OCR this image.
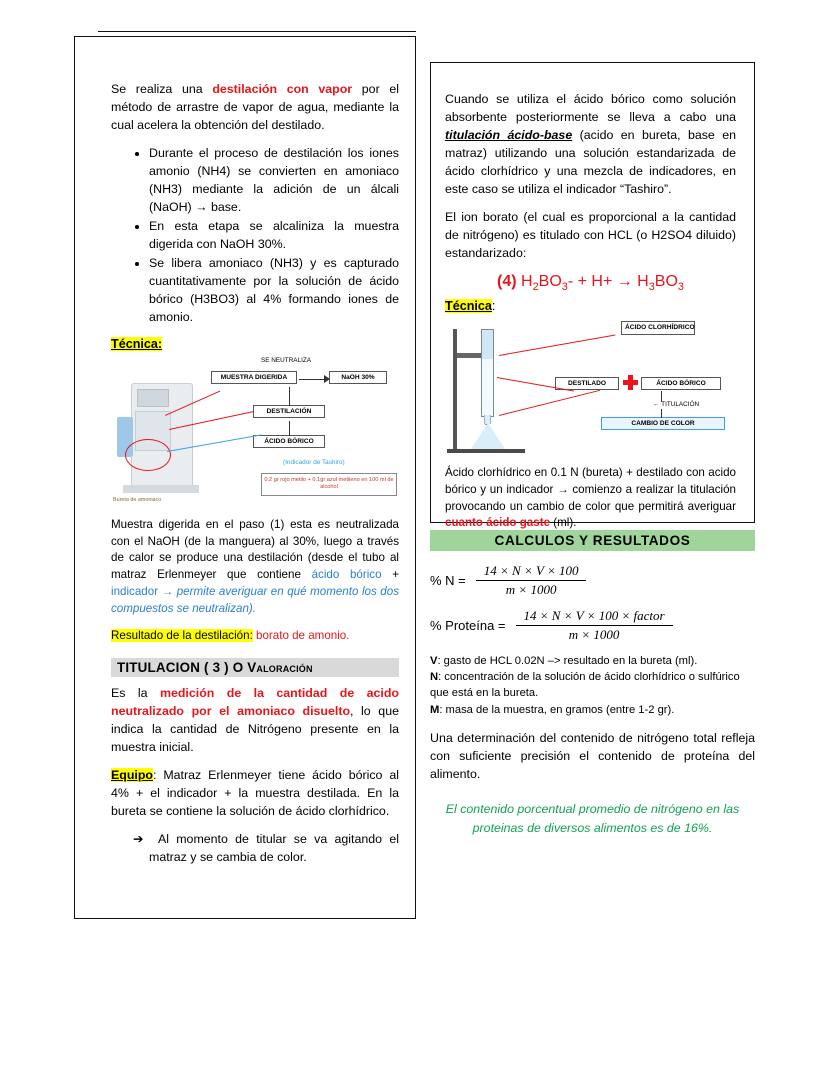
Se realiza una destilación con vapor por el método de arrastre de vapor de agua, mediante la cual acelera la obtención del destilado.

• Durante el proceso de destilación los iones amonio (NH4) se convierten en amoniaco (NH3) mediante la adición de un álcali (NaOH) → base.
• En esta etapa se alcaliniza la muestra digerida con NaOH 30%.
• Se libera amoniaco (NH3) y es capturado cuantitativamente por la solución de ácido bórico (H3BO3) al 4% formando iones de amonio.
Técnica:
SE NEUTRALIZA
MUESTRA DIGERIDA	NaOH 30%
DESTILACIÓN
ÁCIDO BÓRICO
(Indicador de Tashiro)
0.2 gr rojo metilo + 0.1gr azul metileno en 100 ml de alcohol
Bureta de amoniaco

Muestra digerida en el paso (1) esta es neutralizada con el NaOH (de la manguera) al 30%, luego a través de calor se produce una destilación (desde el tubo al matraz Erlenmeyer que contiene ácido bórico + indicador → permite averiguar en qué momento los dos compuestos se neutralizan).

Resultado de la destilación: borato de amonio.

TITULACION ( 3 ) O Valoración

Es la medición de la cantidad de acido neutralizado por el amoniaco disuelto, lo que indica la cantidad de Nitrógeno presente en la muestra inicial.

Equipo: Matraz Erlenmeyer tiene ácido bórico al 4% + el indicador + la muestra destilada. En la bureta se contiene la solución de ácido clorhídrico.

➔  Al momento de titular se va agitando el matraz y se cambia de color.

Cuando se utiliza el ácido bórico como solución absorbente posteriormente se lleva a cabo una titulación ácido-base (acido en bureta, base en matraz) utilizando una solución estandarizada de ácido clorhídrico y una mezcla de indicadores, en este caso se utiliza el indicador “Tashiro”.

El ion borato (el cual es proporcional a la cantidad de nitrógeno) es titulado con HCL (o H2SO4 diluido) estandarizado:

(4) $H_2BO_3- + H+ \to H_3BO_3$
Técnica:
ÁCIDO CLORHÍDRICO
DESTILADO	ÁCIDO BÓRICO
← TITULACIÓN
CAMBIO DE COLOR

Ácido clorhídrico en 0.1 N (bureta) + destilado con acido bórico y un indicador → comienzo a realizar la titulación provocando un cambio de color que permitirá averiguar cuanto ácido gaste (ml).

CALCULOS Y RESULTADOS
% $N = \frac{14 \times N \times V \times 100}{m \times 1000}$
% Proteína = $\frac{\text{14 × N × V × 100 × factor}}{m \times 1000}$
V: gasto de HCL 0.02N –> resultado en la bureta (ml).
N: concentración de la solución de ácido clorhídrico o sulfúrico que está en la bureta.
M: masa de la muestra, en gramos (entre 1-2 gr).

Una determinación del contenido de nitrógeno total refleja con suficiente precisión el contenido de proteína del alimento.

El contenido porcentual promedio de nitrógeno en las proteinas de diversos alimentos es de 16%.
